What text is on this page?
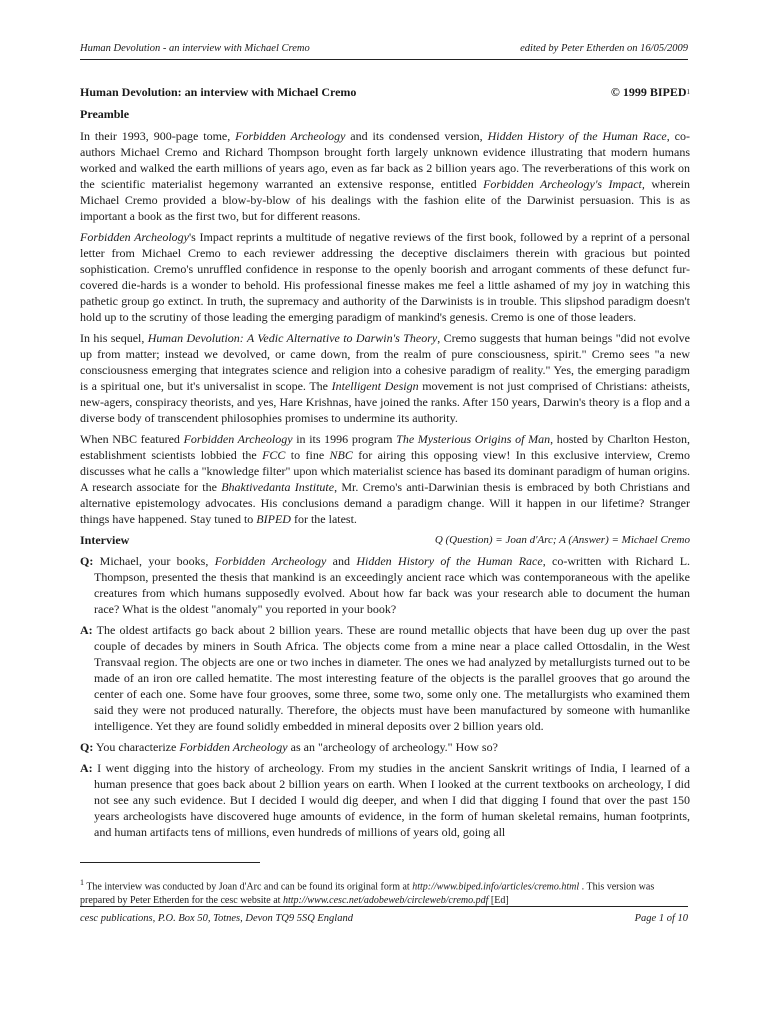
Human Devolution - an interview with Michael Cremo	edited by Peter Etherden on 16/05/2009
Human Devolution: an interview with Michael Cremo	© 1999 BIPED$^1$
Preamble

In their 1993, 900-page tome, Forbidden Archeology and its condensed version, Hidden History of the Human Race, co-authors Michael Cremo and Richard Thompson brought forth largely unknown evidence illustrating that modern humans worked and walked the earth millions of years ago, even as far back as 2 billion years ago. The reverberations of this work on the scientific materialist hegemony warranted an extensive response, entitled Forbidden Archeology's Impact, wherein Michael Cremo provided a blow-by-blow of his dealings with the fashion elite of the Darwinist persuasion. This is as important a book as the first two, but for different reasons.

Forbidden Archeology's Impact reprints a multitude of negative reviews of the first book, followed by a reprint of a personal letter from Michael Cremo to each reviewer addressing the deceptive disclaimers therein with gracious but pointed sophistication. Cremo's unruffled confidence in response to the openly boorish and arrogant comments of these defunct fur-covered die-hards is a wonder to behold. His professional finesse makes me feel a little ashamed of my joy in watching this pathetic group go extinct. In truth, the supremacy and authority of the Darwinists is in trouble. This slipshod paradigm doesn't hold up to the scrutiny of those leading the emerging paradigm of mankind's genesis. Cremo is one of those leaders.

In his sequel, Human Devolution: A Vedic Alternative to Darwin's Theory, Cremo suggests that human beings "did not evolve up from matter; instead we devolved, or came down, from the realm of pure consciousness, spirit." Cremo sees "a new consciousness emerging that integrates science and religion into a cohesive paradigm of reality." Yes, the emerging paradigm is a spiritual one, but it's universalist in scope. The Intelligent Design movement is not just comprised of Christians: atheists, new-agers, conspiracy theorists, and yes, Hare Krishnas, have joined the ranks. After 150 years, Darwin's theory is a flop and a diverse body of transcendent philosophies promises to undermine its authority.

When NBC featured Forbidden Archeology in its 1996 program The Mysterious Origins of Man, hosted by Charlton Heston, establishment scientists lobbied the FCC to fine NBC for airing this opposing view! In this exclusive interview, Cremo discusses what he calls a "knowledge filter" upon which materialist science has based its dominant paradigm of human origins. A research associate for the Bhaktivedanta Institute, Mr. Cremo's anti-Darwinian thesis is embraced by both Christians and alternative epistemology advocates. His conclusions demand a paradigm change. Will it happen in our lifetime? Stranger things have happened. Stay tuned to BIPED for the latest.

Interview	Q (Question) = Joan d'Arc; A (Answer) = Michael Cremo

Q: Michael, your books, Forbidden Archeology and Hidden History of the Human Race, co-written with Richard L. Thompson, presented the thesis that mankind is an exceedingly ancient race which was contemporaneous with the apelike creatures from which humans supposedly evolved. About how far back was your research able to document the human race? What is the oldest "anomaly" you reported in your book?

A: The oldest artifacts go back about 2 billion years. These are round metallic objects that have been dug up over the past couple of decades by miners in South Africa. The objects come from a mine near a place called Ottosdalin, in the West Transvaal region. The objects are one or two inches in diameter. The ones we had analyzed by metallurgists turned out to be made of an iron ore called hematite. The most interesting feature of the objects is the parallel grooves that go around the center of each one. Some have four grooves, some three, some two, some only one. The metallurgists who examined them said they were not produced naturally. Therefore, the objects must have been manufactured by someone with humanlike intelligence. Yet they are found solidly embedded in mineral deposits over 2 billion years old.

Q: You characterize Forbidden Archeology as an "archeology of archeology." How so?

A: I went digging into the history of archeology. From my studies in the ancient Sanskrit writings of India, I learned of a human presence that goes back about 2 billion years on earth. When I looked at the current textbooks on archeology, I did not see any such evidence. But I decided I would dig deeper, and when I did that digging I found that over the past 150 years archeologists have discovered huge amounts of evidence, in the form of human skeletal remains, human footprints, and human artifacts tens of millions, even hundreds of millions of years old, going all

$^1$ The interview was conducted by Joan d'Arc and can be found its original form at http://www.biped.info/articles/cremo.html . This version was prepared by Peter Etherden for the cesc website at http://www.cesc.net/adobeweb/circleweb/cremo.pdf [Ed]
cesc publications, P.O. Box 50, Totnes, Devon TQ9 5SQ England	Page 1 of 10
